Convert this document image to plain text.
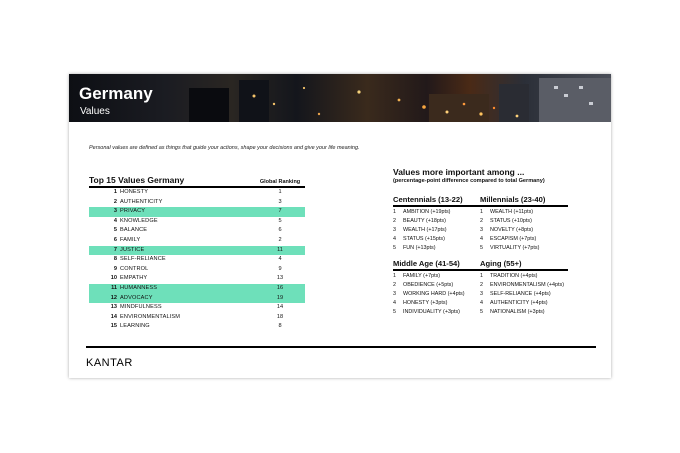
Germany
Values
Personal values are defined as things that guide your actions, shape your decisions and give your life meaning.
Top 15 Values Germany	Global Ranking
1 HONESTY	1
2 AUTHENTICITY	3
3 PRIVACY	7
4 KNOWLEDGE	5
5 BALANCE	6
6 FAMILY	2
7 JUSTICE	11
8 SELF-RELIANCE	4
9 CONTROL	9
10 EMPATHY	13
11 HUMANNESS	16
12 ADVOCACY	19
13 MINDFULNESS	14
14 ENVIRONMENTALISM	18
15 LEARNING	8
Values more important among ...
(percentage-point difference compared to total Germany)
Centennials (13-22)
1	AMBITION (+19pts)
2	BEAUTY (+18pts)
3	WEALTH (+17pts)
4	STATUS (+15pts)
5	FUN (+13pts)
Millennials (23-40)
1	WEALTH (+11pts)
2	STATUS (+10pts)
3	NOVELTY (+8pts)
4	ESCAPISM (+7pts)
5	VIRTUALITY (+7pts)
Middle Age (41-54)
1	FAMILY (+7pts)
2	OBEDIENCE (+5pts)
3	WORKING HARD (+4pts)
4	HONESTY (+3pts)
5	INDIVIDUALITY (+3pts)
Aging (55+)
1	TRADITION (+4pts)
2	ENVIRONMENTALISM (+4pts)
3	SELF-RELIANCE (+4pts)
4	AUTHENTICITY (+4pts)
5	NATIONALISM (+3pts)
KANTAR
